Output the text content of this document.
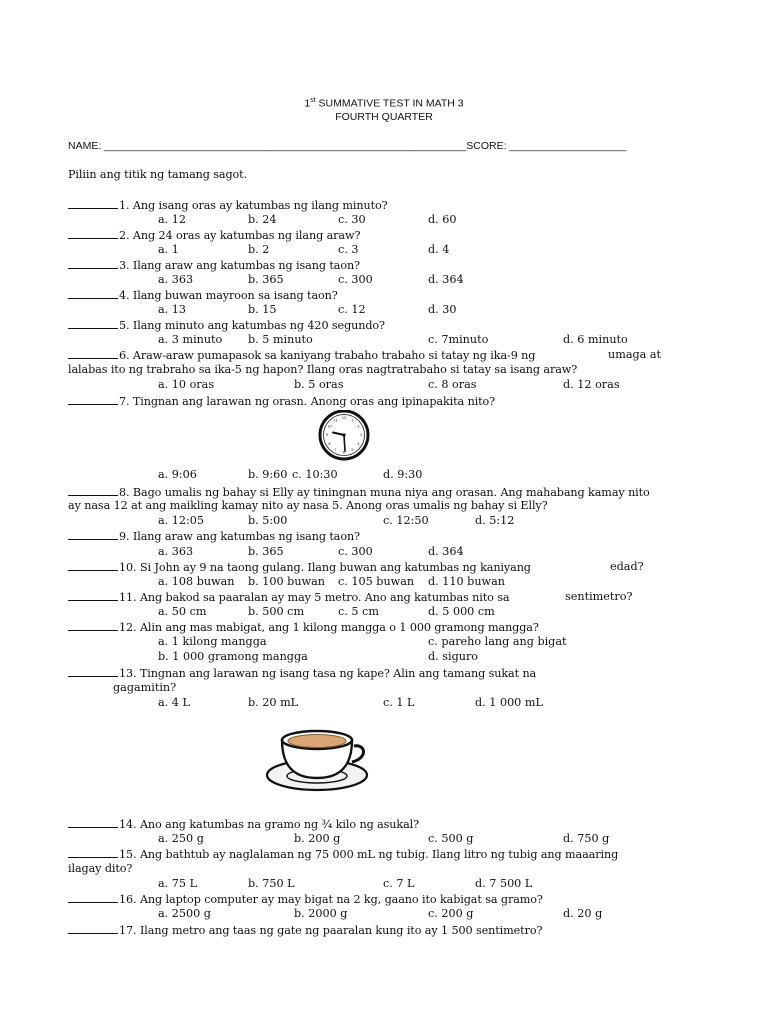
1st SUMMATIVE TEST IN MATH 3
FOURTH QUARTER
NAME: ______________________________________________________________SCORE: ____________________
Piliin ang titik ng tamang sagot.
1. Ang isang oras ay katumbas ng ilang minuto?
a. 12	b. 24	c. 30	d. 60
2. Ang 24 oras ay katumbas ng ilang araw?
a. 1	b. 2	c. 3	d. 4
3. Ilang araw ang katumbas ng isang taon?
a. 363	b. 365	c. 300	d. 364
4. Ilang buwan mayroon sa isang taon?
a. 13	b. 15	c. 12	d. 30
5. Ilang minuto ang katumbas ng 420 segundo?
a. 3 minuto b. 5 minuto	c. 7minuto	d. 6 minuto
6. Araw-araw pumapasok sa kaniyang trabaho trabaho si tatay ng ika-9 ng	umaga at
lalabas ito ng trabraho sa ika-5 ng hapon? Ilang oras nagtratrabaho si tatay sa isang araw?
a. 10 oras	b. 5 oras	c. 8 oras	d. 12 oras
7. Tingnan ang larawan ng orasn. Anong oras ang ipinapakita nito?
12
1
2
3
4
5
6
7
8
9
10
11
a. 9:06	b. 9:60 c. 10:30	d. 9:30
8. Bago umalis ng bahay si Elly ay tiningnan muna niya ang orasan. Ang mahabang kamay nito
ay nasa 12 at ang maikling kamay nito ay nasa 5. Anong oras umalis ng bahay si Elly?
a. 12:05	b. 5:00	c. 12:50	d. 5:12
9. Ilang araw ang katumbas ng isang taon?
a. 363	b. 365	c. 300	d. 364
10. Si John ay 9 na taong gulang. Ilang buwan ang katumbas ng kaniyang	edad?
a. 108 buwan b. 100 buwan c. 105 buwan d. 110 buwan
11. Ang bakod sa paaralan ay may 5 metro. Ano ang katumbas nito sa	sentimetro?
a. 50 cm	b. 500 cm	c. 5 cm	d. 5 000 cm
12. Alin ang mas mabigat, ang 1 kilong mangga o 1 000 gramong mangga?
a. 1 kilong mangga	c. pareho lang ang bigat
b. 1 000 gramong mangga	d. siguro
13. Tingnan ang larawan ng isang tasa ng kape? Alin ang tamang sukat na
gagamitin?
a. 4 L	b. 20 mL	c. 1 L	d. 1 000 mL
14. Ano ang katumbas na gramo ng ¾ kilo ng asukal?
a. 250 g	b. 200 g	c. 500 g	d. 750 g
15. Ang bathtub ay naglalaman ng 75 000 mL ng tubig. Ilang litro ng tubig ang maaaring
ilagay dito?
a. 75 L	b. 750 L	c. 7 L	d. 7 500 L
16. Ang laptop computer ay may bigat na 2 kg, gaano ito kabigat sa gramo?
a. 2500 g	b. 2000 g	c. 200 g	d. 20 g
17. Ilang metro ang taas ng gate ng paaralan kung ito ay 1 500 sentimetro?
